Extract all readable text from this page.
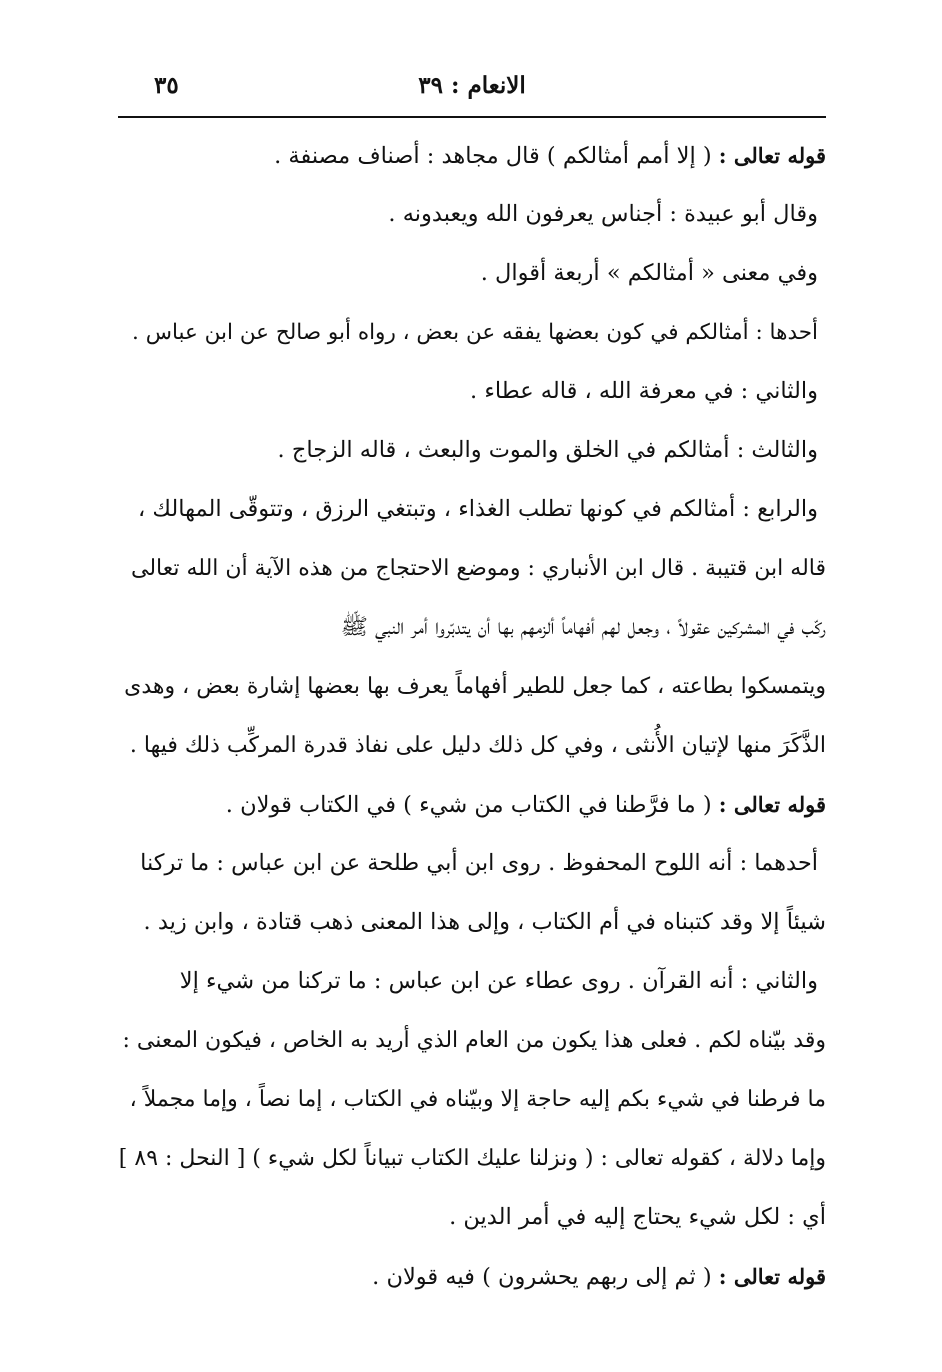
الانعام : ٣٩
٣٥
قوله تعالى : ( إلا أمم أمثالكم ) قال مجاهد : أصناف مصنفة .
وقال أبو عبيدة : أجناس يعرفون الله ويعبدونه .
وفي معنى « أمثالكم » أربعة أقوال .
أحدها : أمثالكم في كون بعضها يفقه عن بعض ، رواه أبو صالح عن ابن عباس .
والثاني : في معرفة الله ، قاله عطاء .
والثالث : أمثالكم في الخلق والموت والبعث ، قاله الزجاج .
والرابع : أمثالكم في كونها تطلب الغذاء ، وتبتغي الرزق ، وتتوقّى المهالك ،
قاله ابن قتيبة . قال ابن الأنباري : وموضع الاحتجاج من هذه الآية أن الله تعالى
ركّب في المشركين عقولاً ، وجعل لهم أفهاماً ألزمهم بها أن يتدبّروا أمر النبي ﷺ
ويتمسكوا بطاعته ، كما جعل للطير أفهاماً يعرف بها بعضها إشارة بعض ، وهدى
الذَّكَرَ منها لإتيان الأُنثى ، وفي كل ذلك دليل على نفاذ قدرة المركِّب ذلك فيها .
قوله تعالى : ( ما فرَّطنا في الكتاب من شيء ) في الكتاب قولان .
أحدهما : أنه اللوح المحفوظ . روى ابن أبي طلحة عن ابن عباس : ما تركنا
شيئاً إلا وقد كتبناه في أم الكتاب ، وإلى هذا المعنى ذهب قتادة ، وابن زيد .
والثاني : أنه القرآن . روى عطاء عن ابن عباس : ما تركنا من شيء إلا
وقد بيّناه لكم . فعلى هذا يكون من العام الذي أريد به الخاص ، فيكون المعنى :
ما فرطنا في شيء بكم إليه حاجة إلا وبيّناه في الكتاب ، إما نصاً ، وإما مجملاً ،
وإما دلالة ، كقوله تعالى : ( ونزلنا عليك الكتاب تبياناً لكل شيء ) [ النحل : ٨٩ ]
أي : لكل شيء يحتاج إليه في أمر الدين .
قوله تعالى : ( ثم إلى ربهم يحشرون ) فيه قولان .
